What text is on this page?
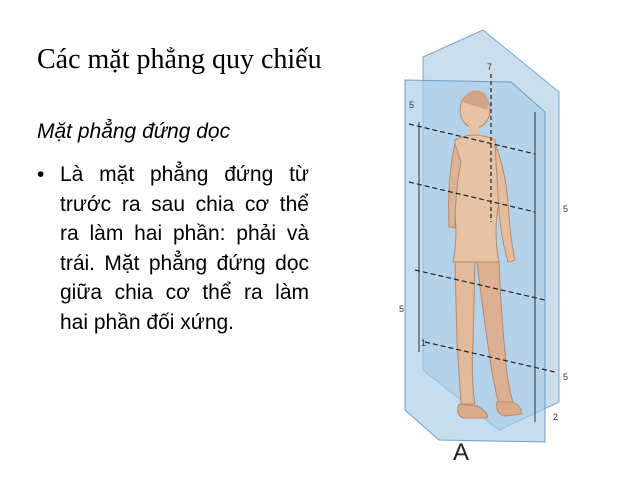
Các mặt phẳng quy chiếu
Mặt phẳng đứng dọc
• Là mặt phẳng đứng từ trước ra sau chia cơ thể ra làm hai phần: phải và trái. Mặt phẳng đứng dọc giữa chia cơ thể ra làm hai phần đối xứng.
7
5
5
5
5
1
2
A
